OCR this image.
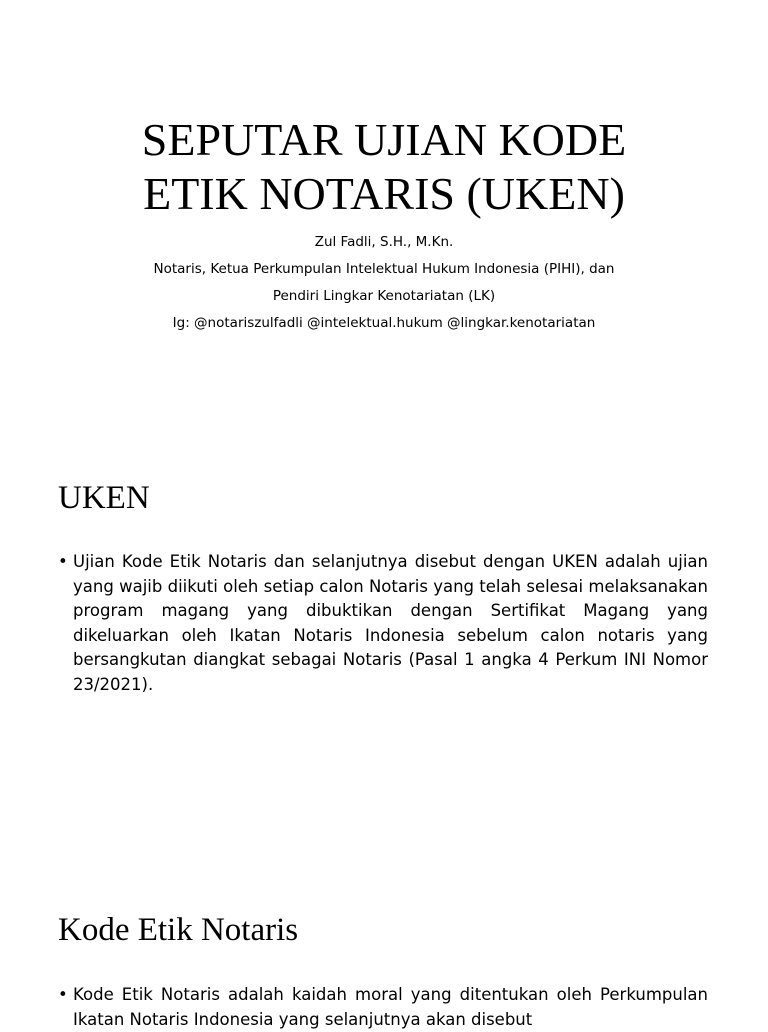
SEPUTAR UJIAN KODE
ETIK NOTARIS (UKEN)
Zul Fadli, S.H., M.Kn.
Notaris, Ketua Perkumpulan Intelektual Hukum Indonesia (PIHI), dan
Pendiri Lingkar Kenotariatan (LK)
Ig: @notariszulfadli @intelektual.hukum @lingkar.kenotariatan
UKEN
• Ujian Kode Etik Notaris dan selanjutnya disebut dengan UKEN adalah ujian yang wajib diikuti oleh setiap calon Notaris yang telah selesai melaksanakan program magang yang dibuktikan dengan Sertifikat Magang yang dikeluarkan oleh Ikatan Notaris Indonesia sebelum calon notaris yang bersangkutan diangkat sebagai Notaris (Pasal 1 angka 4 Perkum INI Nomor 23/2021).
Kode Etik Notaris
• Kode Etik Notaris adalah kaidah moral yang ditentukan oleh Perkumpulan Ikatan Notaris Indonesia yang selanjutnya akan disebut
